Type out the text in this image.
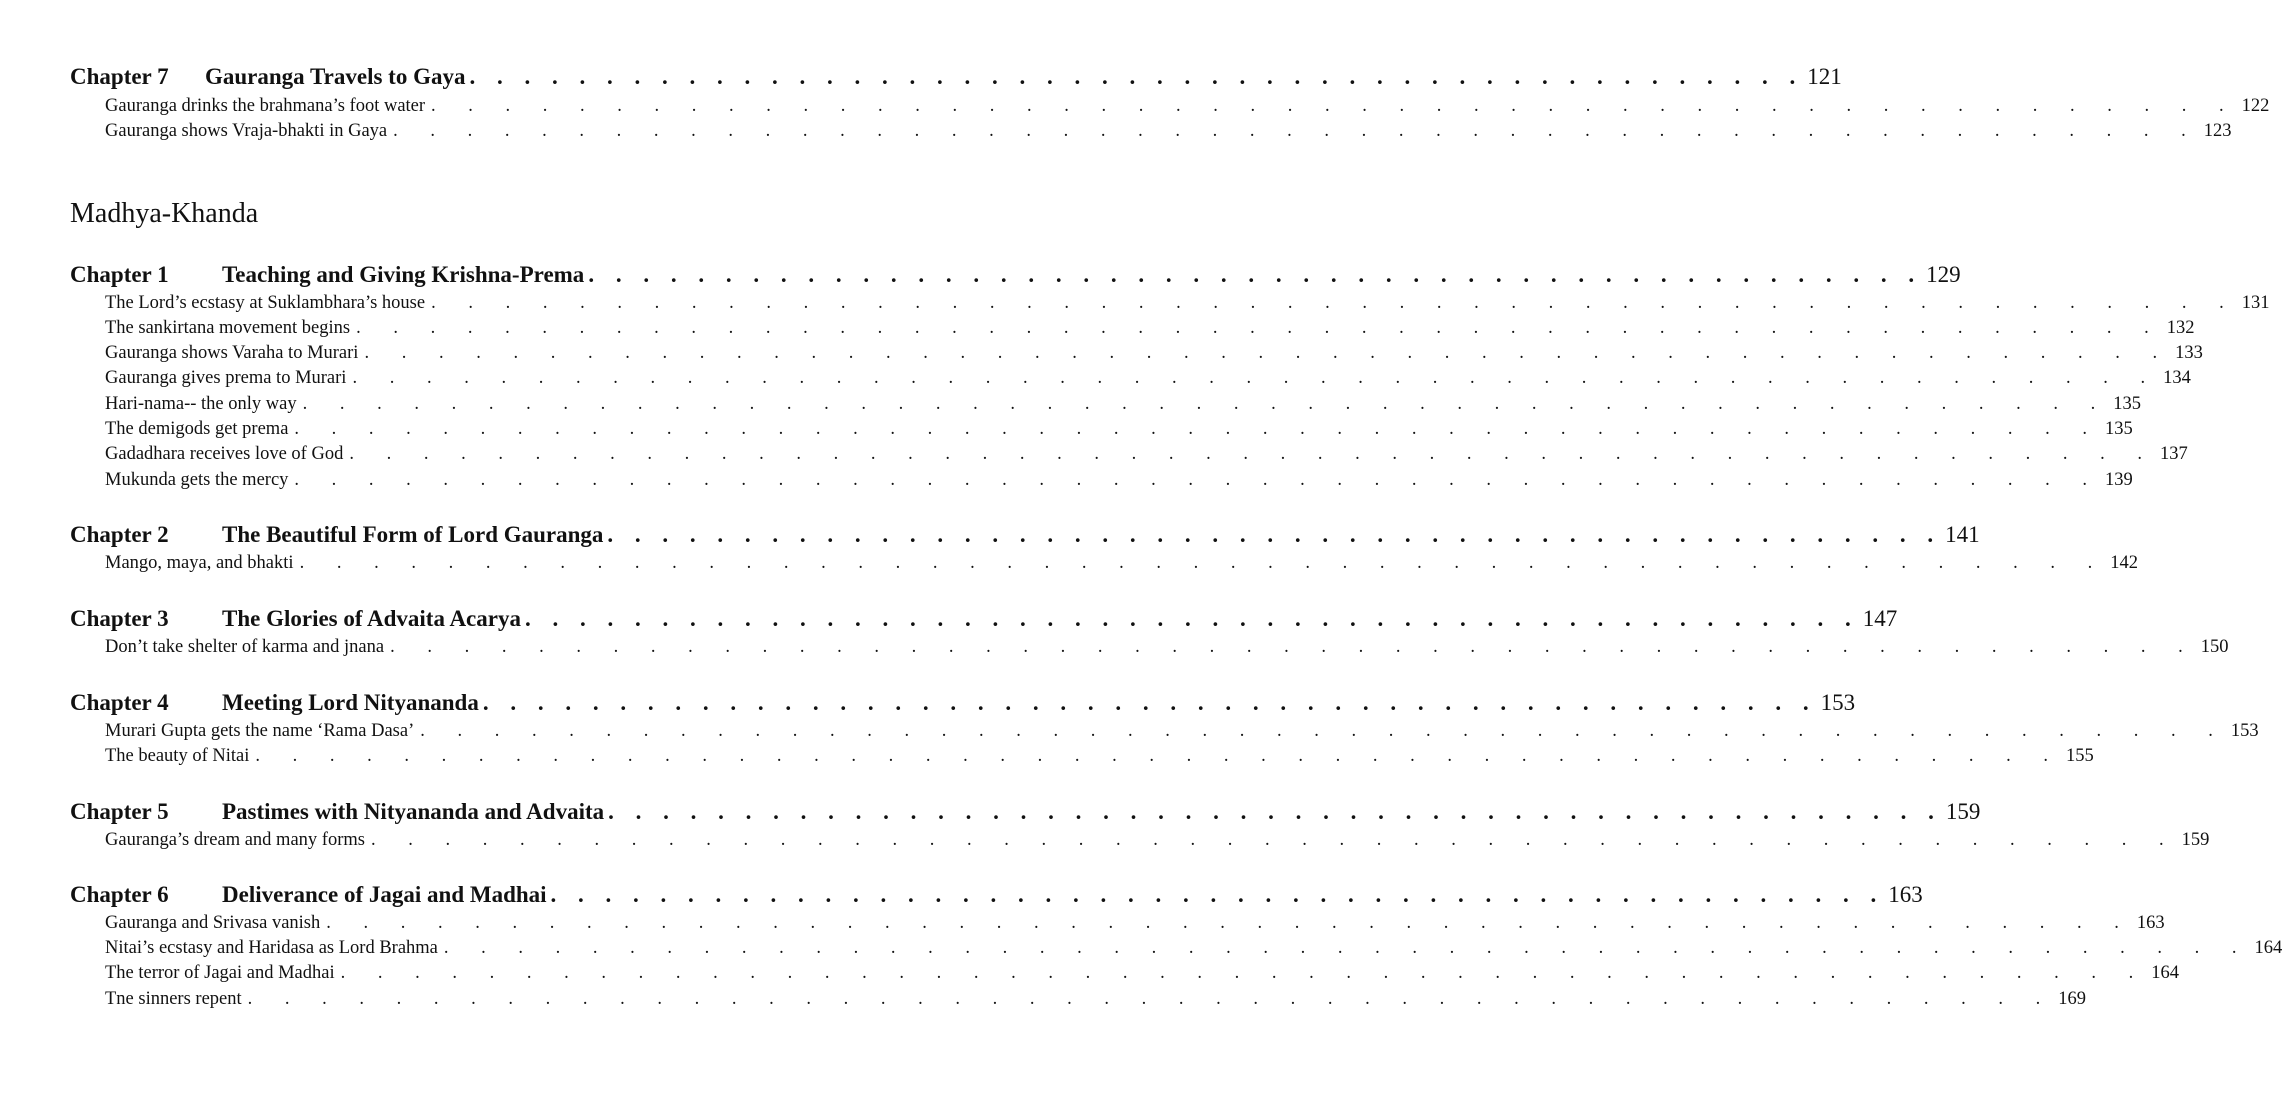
Chapter 7	Gauranga Travels to Gaya . . . . . . . . . . . . . . . . . . . . . . . . . . . . . . . . . . . . . . . . . . . . . . . . . 121
Gauranga drinks the brahmana’s foot water . . . . . . . . . . . . . . . . . . . . . . . . . . . . . . . . . . . . . . . . . . . . . . . . . 122
Gauranga shows Vraja-bhakti in Gaya . . . . . . . . . . . . . . . . . . . . . . . . . . . . . . . . . . . . . . . . . . . . . . . . . 123
Madhya-Khanda
Chapter 1	Teaching and Giving Krishna-Prema . . . . . . . . . . . . . . . . . . . . . . . . . . . . . . . . . . . . . . . . . . . . . . . . . 129
The Lord’s ecstasy at Suklambhara’s house . . . . . . . . . . . . . . . . . . . . . . . . . . . . . . . . . . . . . . . . . . . . . . . . . 131
The sankirtana movement begins . . . . . . . . . . . . . . . . . . . . . . . . . . . . . . . . . . . . . . . . . . . . . . . . . 132
Gauranga shows Varaha to Murari . . . . . . . . . . . . . . . . . . . . . . . . . . . . . . . . . . . . . . . . . . . . . . . . . 133
Gauranga gives prema to Murari . . . . . . . . . . . . . . . . . . . . . . . . . . . . . . . . . . . . . . . . . . . . . . . . . 134
Hari-nama-- the only way . . . . . . . . . . . . . . . . . . . . . . . . . . . . . . . . . . . . . . . . . . . . . . . . . 135
The demigods get prema . . . . . . . . . . . . . . . . . . . . . . . . . . . . . . . . . . . . . . . . . . . . . . . . . 135
Gadadhara receives love of God . . . . . . . . . . . . . . . . . . . . . . . . . . . . . . . . . . . . . . . . . . . . . . . . . 137
Mukunda gets the mercy . . . . . . . . . . . . . . . . . . . . . . . . . . . . . . . . . . . . . . . . . . . . . . . . . 139
Chapter 2	The Beautiful Form of Lord Gauranga . . . . . . . . . . . . . . . . . . . . . . . . . . . . . . . . . . . . . . . . . . . . . . . . . 141
Mango, maya, and bhakti . . . . . . . . . . . . . . . . . . . . . . . . . . . . . . . . . . . . . . . . . . . . . . . . . 142
Chapter 3	The Glories of Advaita Acarya . . . . . . . . . . . . . . . . . . . . . . . . . . . . . . . . . . . . . . . . . . . . . . . . . 147
Don’t take shelter of karma and jnana . . . . . . . . . . . . . . . . . . . . . . . . . . . . . . . . . . . . . . . . . . . . . . . . . 150
Chapter 4	Meeting Lord Nityananda . . . . . . . . . . . . . . . . . . . . . . . . . . . . . . . . . . . . . . . . . . . . . . . . . 153
Murari Gupta gets the name ‘Rama Dasa’ . . . . . . . . . . . . . . . . . . . . . . . . . . . . . . . . . . . . . . . . . . . . . . . . . 153
The beauty of Nitai . . . . . . . . . . . . . . . . . . . . . . . . . . . . . . . . . . . . . . . . . . . . . . . . . 155
Chapter 5	Pastimes with Nityananda and Advaita . . . . . . . . . . . . . . . . . . . . . . . . . . . . . . . . . . . . . . . . . . . . . . . . . 159
Gauranga’s dream and many forms . . . . . . . . . . . . . . . . . . . . . . . . . . . . . . . . . . . . . . . . . . . . . . . . . 159
Chapter 6	Deliverance of Jagai and Madhai . . . . . . . . . . . . . . . . . . . . . . . . . . . . . . . . . . . . . . . . . . . . . . . . . 163
Gauranga and Srivasa vanish . . . . . . . . . . . . . . . . . . . . . . . . . . . . . . . . . . . . . . . . . . . . . . . . . 163
Nitai’s ecstasy and Haridasa as Lord Brahma . . . . . . . . . . . . . . . . . . . . . . . . . . . . . . . . . . . . . . . . . . . . . . . . . 164
The terror of Jagai and Madhai . . . . . . . . . . . . . . . . . . . . . . . . . . . . . . . . . . . . . . . . . . . . . . . . . 164
Tne sinners repent . . . . . . . . . . . . . . . . . . . . . . . . . . . . . . . . . . . . . . . . . . . . . . . . . 169
